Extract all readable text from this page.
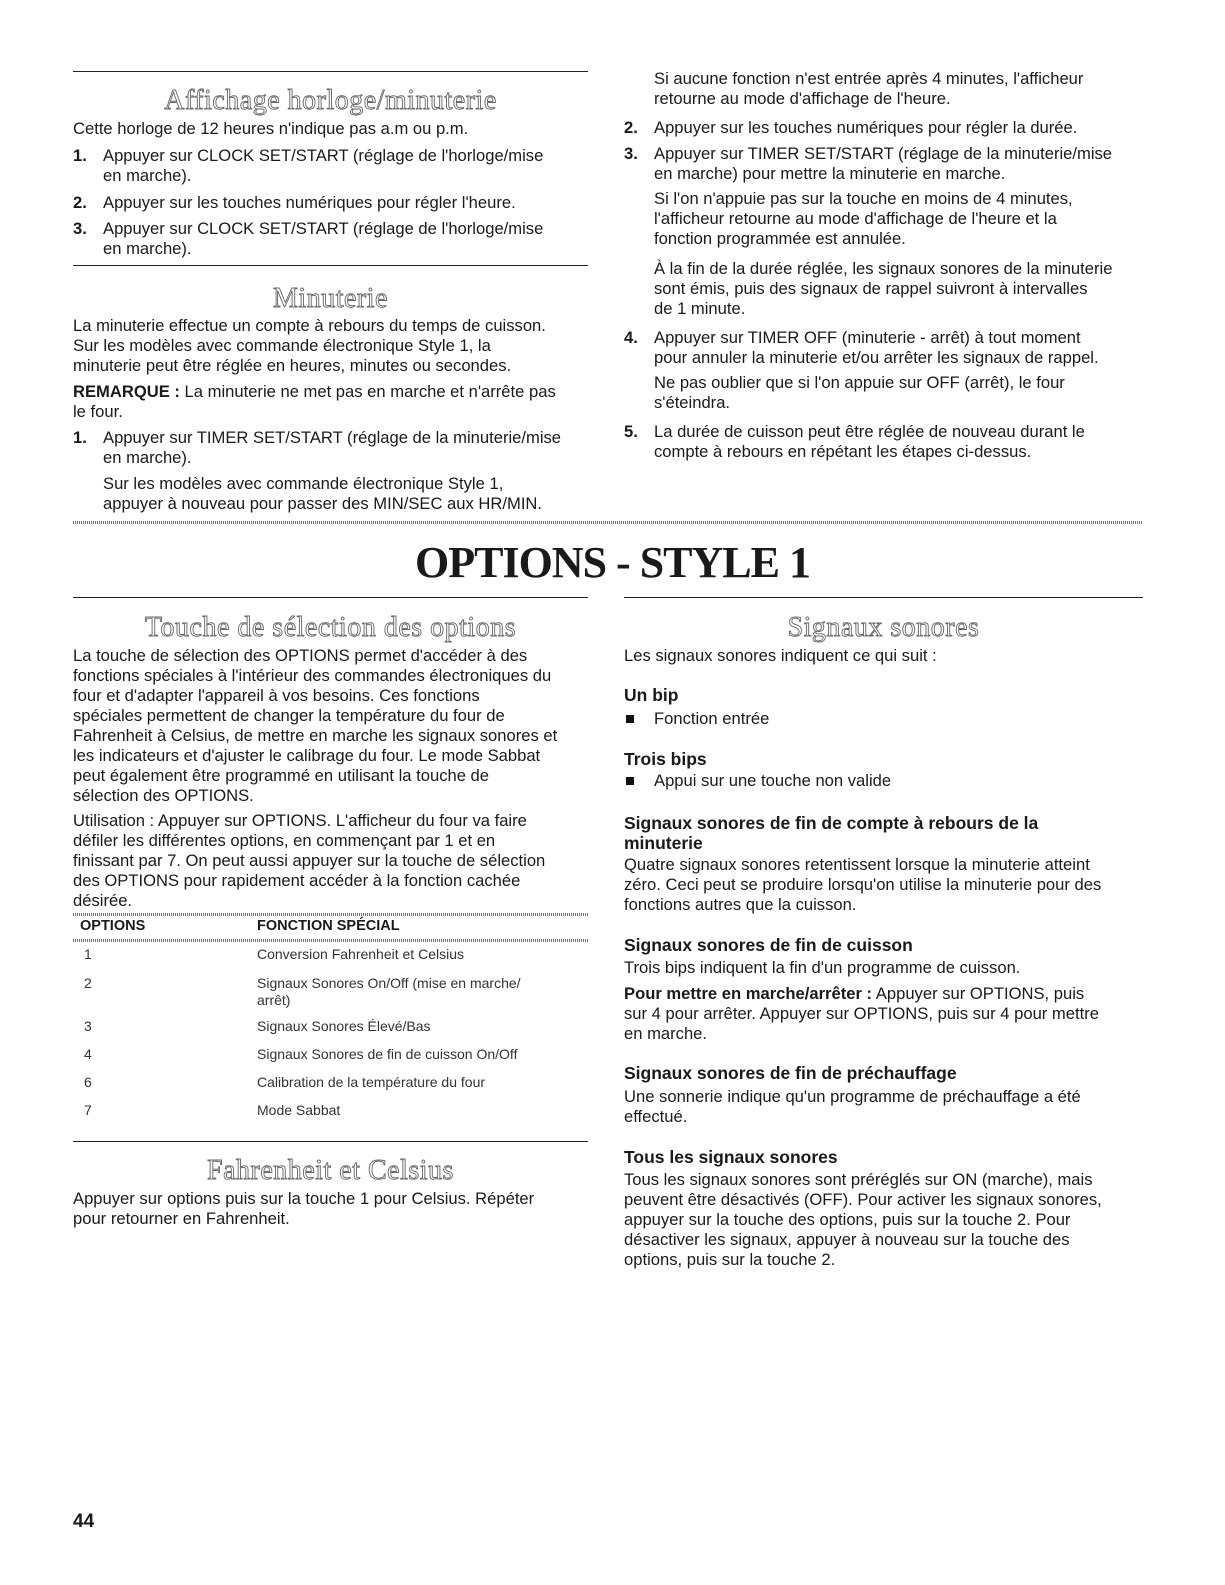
Affichage horloge/minuterie
Cette horloge de 12 heures n'indique pas a.m ou p.m.
1. Appuyer sur CLOCK SET/START (réglage de l'horloge/mise
en marche).
2. Appuyer sur les touches numériques pour régler l'heure.
3. Appuyer sur CLOCK SET/START (réglage de l'horloge/mise
en marche).
Minuterie
La minuterie effectue un compte à rebours du temps de cuisson.
Sur les modèles avec commande électronique Style 1, la
minuterie peut être réglée en heures, minutes ou secondes.
REMARQUE : La minuterie ne met pas en marche et n'arrête pas
le four.
1. Appuyer sur TIMER SET/START (réglage de la minuterie/mise
en marche).
Sur les modèles avec commande électronique Style 1,
appuyer à nouveau pour passer des MIN/SEC aux HR/MIN.
Si aucune fonction n'est entrée après 4 minutes, l'afficheur
retourne au mode d'affichage de l'heure.
2. Appuyer sur les touches numériques pour régler la durée.
3. Appuyer sur TIMER SET/START (réglage de la minuterie/mise
en marche) pour mettre la minuterie en marche.
Si l'on n'appuie pas sur la touche en moins de 4 minutes,
l'afficheur retourne au mode d'affichage de l'heure et la
fonction programmée est annulée.
À la fin de la durée réglée, les signaux sonores de la minuterie
sont émis, puis des signaux de rappel suivront à intervalles
de 1 minute.
4. Appuyer sur TIMER OFF (minuterie - arrêt) à tout moment
pour annuler la minuterie et/ou arrêter les signaux de rappel.
Ne pas oublier que si l'on appuie sur OFF (arrêt), le four
s'éteindra.
5. La durée de cuisson peut être réglée de nouveau durant le
compte à rebours en répétant les étapes ci-dessus.
OPTIONS - STYLE 1
Touche de sélection des options
La touche de sélection des OPTIONS permet d'accéder à des
fonctions spéciales à l'intérieur des commandes électroniques du
four et d'adapter l'appareil à vos besoins. Ces fonctions
spéciales permettent de changer la température du four de
Fahrenheit à Celsius, de mettre en marche les signaux sonores et
les indicateurs et d'ajuster le calibrage du four. Le mode Sabbat
peut également être programmé en utilisant la touche de
sélection des OPTIONS.
Utilisation : Appuyer sur OPTIONS. L'afficheur du four va faire
défiler les différentes options, en commençant par 1 et en
finissant par 7. On peut aussi appuyer sur la touche de sélection
des OPTIONS pour rapidement accéder à la fonction cachée
désirée.
OPTIONS	FONCTION SPÉCIAL
1	Conversion Fahrenheit et Celsius
2	Signaux Sonores On/Off (mise en marche/
arrêt)
3	Signaux Sonores Élevé/Bas
4	Signaux Sonores de fin de cuisson On/Off
6	Calibration de la température du four
7	Mode Sabbat
Fahrenheit et Celsius
Appuyer sur options puis sur la touche 1 pour Celsius. Répéter
pour retourner en Fahrenheit.
Signaux sonores
Les signaux sonores indiquent ce qui suit :
Un bip
Fonction entrée
Trois bips
Appui sur une touche non valide
Signaux sonores de fin de compte à rebours de la
minuterie
Quatre signaux sonores retentissent lorsque la minuterie atteint
zéro. Ceci peut se produire lorsqu'on utilise la minuterie pour des
fonctions autres que la cuisson.
Signaux sonores de fin de cuisson
Trois bips indiquent la fin d'un programme de cuisson.
Pour mettre en marche/arrêter : Appuyer sur OPTIONS, puis
sur 4 pour arrêter. Appuyer sur OPTIONS, puis sur 4 pour mettre
en marche.
Signaux sonores de fin de préchauffage
Une sonnerie indique qu'un programme de préchauffage a été
effectué.
Tous les signaux sonores
Tous les signaux sonores sont préréglés sur ON (marche), mais
peuvent être désactivés (OFF). Pour activer les signaux sonores,
appuyer sur la touche des options, puis sur la touche 2. Pour
désactiver les signaux, appuyer à nouveau sur la touche des
options, puis sur la touche 2.
44
